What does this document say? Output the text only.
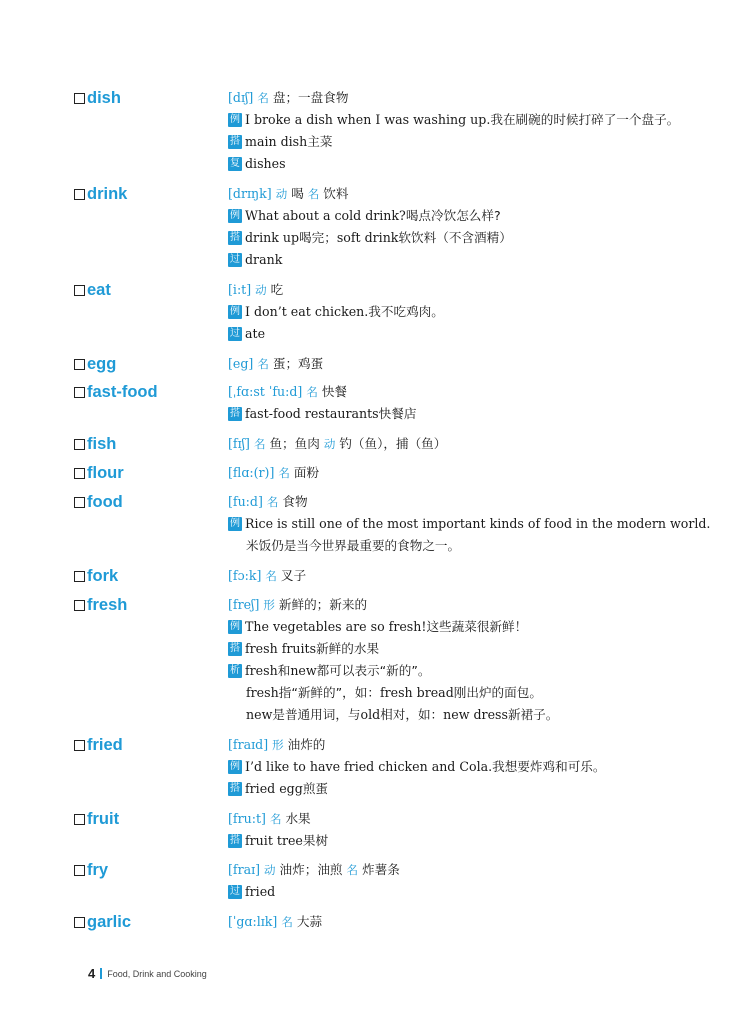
dish	[dɪʃ] 名 盘；一盘食物
例 I broke a dish when I was washing up. 我在刷碗的时候打碎了一个盘子。
搭 main dish 主菜
复 dishes
drink	[drɪŋk] 动 喝 名 饮料
例 What about a cold drink? 喝点冷饮怎么样?
搭 drink up 喝完； soft drink 软饮料（不含酒精）
过 drank
eat	[i:t] 动 吃
例 I don’t eat chicken. 我不吃鸡肉。
过 ate
egg	[eg] 名 蛋；鸡蛋
fast-food	[ˌfɑ:st ˈfu:d] 名 快餐
搭 fast-food restaurants 快餐店
fish	[fɪʃ] 名 鱼；鱼肉 动 钓（鱼），捕（鱼）
flour	[flɑ:(r)] 名 面粉
food	[fu:d] 名 食物
例 Rice is still one of the most important kinds of food in the modern world.
米饭仍是当今世界最重要的食物之一。
fork	[fɔ:k] 名 叉子
fresh	[freʃ] 形 新鲜的；新来的
例 The vegetables are so fresh! 这些蔬菜很新鲜！
搭 fresh fruits 新鲜的水果
析 fresh 和 new 都可以表示“新的”。
fresh 指“新鲜的”，如： fresh bread 刚出炉的面包。
new 是普通用词，与 old 相对，如： new dress 新裙子。
fried	[fraɪd] 形 油炸的
例 I’d like to have fried chicken and Cola. 我想要炸鸡和可乐。
搭 fried egg 煎蛋
fruit	[fru:t] 名 水果
搭 fruit tree 果树
fry	[fraɪ] 动 油炸；油煎 名 炸薯条
过 fried
garlic	[ˈgɑ:lɪk] 名 大蒜
4 Food, Drink and Cooking
